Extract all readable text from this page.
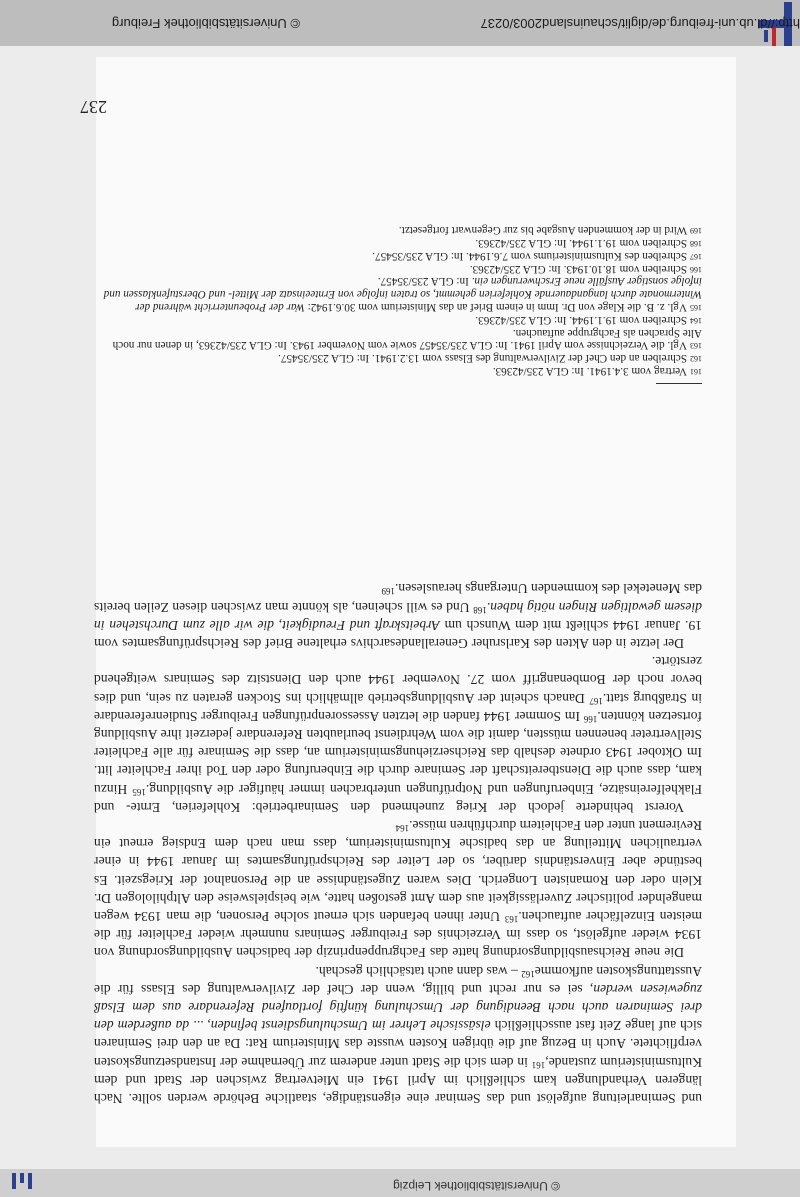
© Universitätsbibliothek Leipzig

und Seminarleitung aufgelöst und das Seminar eine eigenständige, staatliche Behörde werden sollte. Nach längeren Verhandlungen kam schließlich im April 1941 ein Mietvertrag zwischen der Stadt und dem Kultusministerium zustande,$^{161}$ in dem sich die Stadt unter anderem zur Übernahme der Instandsetzungskosten verpflichtete. Auch in Bezug auf die übrigen Kosten wusste das Ministerium Rat: Da an den drei Seminaren sich auf lange Zeit fast ausschließlich elsässische Lehrer im Umschulungsdienst befinden, ... da außerdem den drei Seminaren auch nach Beendigung der Umschulung künftig fortlaufend Referendare aus dem Elsaß zugewiesen werden, sei es nur recht und billig, wenn der Chef der Zivilverwaltung des Elsass für die Ausstattungskosten aufkomme$^{162}$ – was dann auch tatsächlich geschah.

Die neue Reichsausbildungsordnung hatte das Fachgruppenprinzip der badischen Ausbildungsordnung von 1934 wieder aufgelöst, so dass im Verzeichnis des Freiburger Seminars nunmehr wieder Fachleiter für die meisten Einzelfächer auftauchen.$^{163}$ Unter ihnen befanden sich erneut solche Personen, die man 1934 wegen mangelnder politischer Zuverlässigkeit aus dem Amt gestoßen hatte, wie beispielsweise den Altphilologen Dr. Klein oder den Romanisten Longerich. Dies waren Zugeständnisse an die Personalnot der Kriegszeit. Es bestünde aber Einverständnis darüber, so der Leiter des Reichsprüfungsamtes im Januar 1944 in einer vertraulichen Mitteilung an das badische Kultusministerium, dass man nach dem Endsieg erneut ein Revirement unter den Fachleitern durchführen müsse.$^{164}$

Vorerst behinderte jedoch der Krieg zunehmend den Seminarbetrieb: Kohleferien, Ernte- und Flakhelfereinsätze, Einberufungen und Notprüfungen unterbrachen immer häufiger die Ausbildung.$^{165}$ Hinzu kam, dass auch die Dienstbereitschaft der Seminare durch die Einberufung oder den Tod ihrer Fachleiter litt. Im Oktober 1943 ordnete deshalb das Reichserziehungsministerium an, dass die Seminare für alle Fachleiter Stellvertreter benennen müssten, damit die vom Wehrdienst beurlaubten Referendare jederzeit ihre Ausbildung fortsetzen könnten.$^{166}$ Im Sommer 1944 fanden die letzten Assessorenprüfungen Freiburger Studienreferendare in Straßburg statt.$^{167}$ Danach scheint der Ausbildungsbetrieb allmählich ins Stocken geraten zu sein, und dies bevor noch der Bombenangriff vom 27. November 1944 auch den Dienstsitz des Seminars weitgehend zerstörte.

Der letzte in den Akten des Karlsruher Generallandesarchivs erhaltene Brief des Reichsprüfungsamtes vom 19. Januar 1944 schließt mit dem Wunsch um Arbeitskraft und Freudigkeit, die wir alle zum Durchstehen in diesem gewaltigen Ringen nötig haben.$^{168}$ Und es will scheinen, als könnte man zwischen diesen Zeilen bereits das Menetekel des kommenden Untergangs herauslesen.$^{169}$

161Vertrag vom 3.4.1941. In: GLA 235/42363.
162Schreiben an den Chef der Zivilverwaltung des Elsass vom 13.2.1941. In: GLA 235/35457.
163Vgl. die Verzeichnisse vom April 1941. In: GLA 235/35457 sowie vom November 1943. In: GLA 235/42363, in denen nur noch Alte Sprachen als Fachgruppe auftauchen.
164Schreiben vom 19.1.1944. In: GLA 235/42363.
165Vgl. z. B. die Klage von Dr. Imm in einem Brief an das Ministerium vom 30.6.1942: War der Probeunterricht während der Wintermonate durch langandauernde Kohleferien gehemmt, so traten infolge von Ernteeinsatz der Mittel- und Oberstufenklassen und infolge sonstiger Ausfälle neue Erschwerungen ein. In: GLA 235/35457.
166Schreiben vom 18.10.1943. In: GLA 235/42363.
167Schreiben des Kultusministeriums vom 7.6.1944. In: GLA 235/35457.
168Schreiben vom 19.1.1944. In: GLA 235/42363.
169Wird in der kommenden Ausgabe bis zur Gegenwart fortgesetzt.
237
http://dl.ub.uni-freiburg.de/diglit/schauinsland2003/0237
© Universitätsbibliothek Freiburg
